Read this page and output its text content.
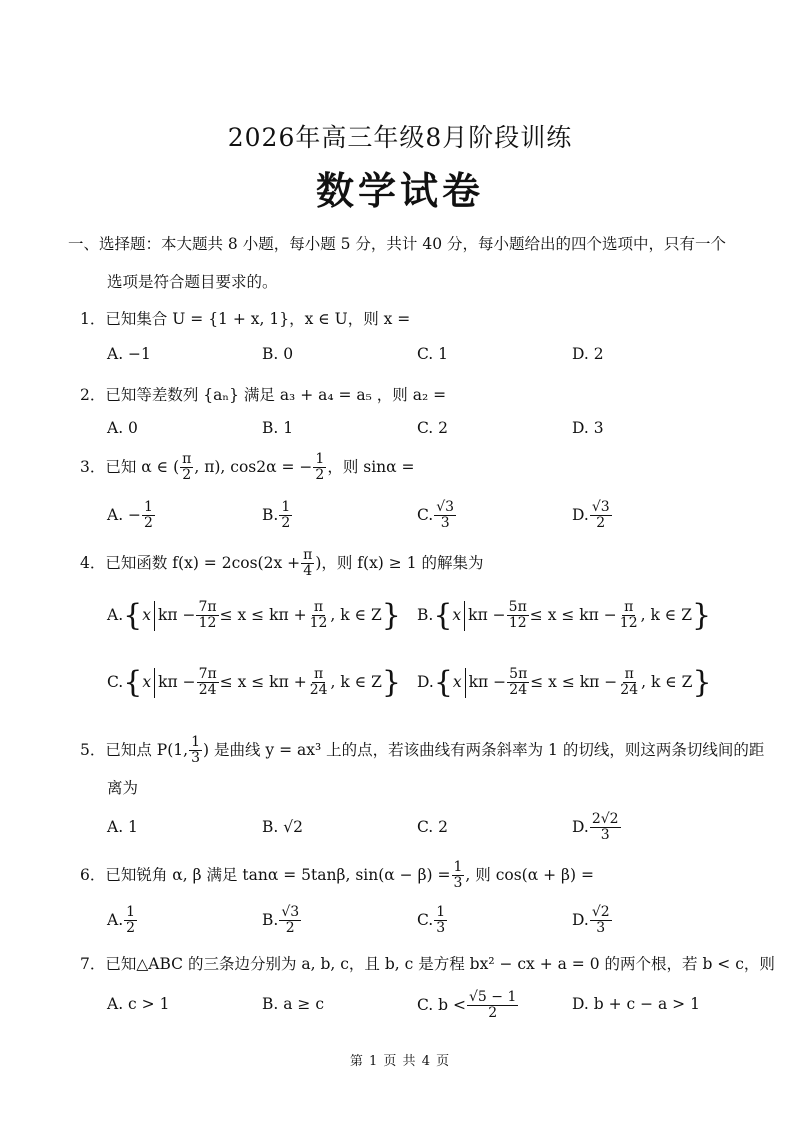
2026年高三年级8月阶段训练
数学试卷
一、选择题：本大题共 8 小题，每小题 5 分，共计 40 分，每小题给出的四个选项中，只有一个
选项是符合题目要求的。
1．已知集合 U = {1 + x, 1}，x ∈ U，则 x =
A. −1	B. 0	C. 1	D. 2
2．已知等差数列 {aₙ} 满足 a₃ + a₄ = a₅ ，则 a₂ =
A. 0	B. 1	C. 2	D. 3
3．已知 α ∈ ( $\frac{\pi}{2}$ , π), cos2α = − $\frac{1}{2}$ ，则 sinα =
A. − $\frac{1}{2}$	B. $\frac{1}{2}$	C. $\frac{√3}{3}$	D. $\frac{√3}{2}$
4．已知函数 $f(x) = 2\cos(2x + \frac{\pi}{4}$ )，则 f(x) ≥ 1 的解集为
A.{x $k\pi - \frac{7\pi}{12} \le x \le k\pi + \frac{\pi}{12}$ , k ∈ Z} B.{x $k\pi - \frac{5\pi}{12} \le x \le k\pi - \frac{\pi}{12}$ , k ∈ Z}
C.{x $k\pi - \frac{7\pi}{24} \le x \le k\pi + \frac{\pi}{24}$ , k ∈ Z} D.{x $k\pi - \frac{5\pi}{24} \le x \le k\pi - \frac{\pi}{24}$ , k ∈ Z}
5．已知点 P(1, $\frac{1}{3}$ ) 是曲线 y = ax³ 上的点，若该曲线有两条斜率为 1 的切线，则这两条切线间的距
离为
A. 1	B. √2	C. 2	D. $\frac{2√2}{3}$
6．已知锐角 α, β 满足 tanα = 5tanβ, $\sin(\alpha - \beta) = \frac{1}{3}$ , 则 cos(α + β) =
A. $\frac{1}{2}$	B. $\frac{√3}{2}$	C. $\frac{1}{3}$	D. $\frac{√2}{3}$
7．已知△ABC 的三条边分别为 a, b, c，且 b, c 是方程 bx² − cx + a = 0 的两个根，若 b < c，则
A. c > 1	B. a ≥ c	C. $b < \frac{√5 - 1}{2}$	D. b + c − a > 1
第 1 页 共 4 页
